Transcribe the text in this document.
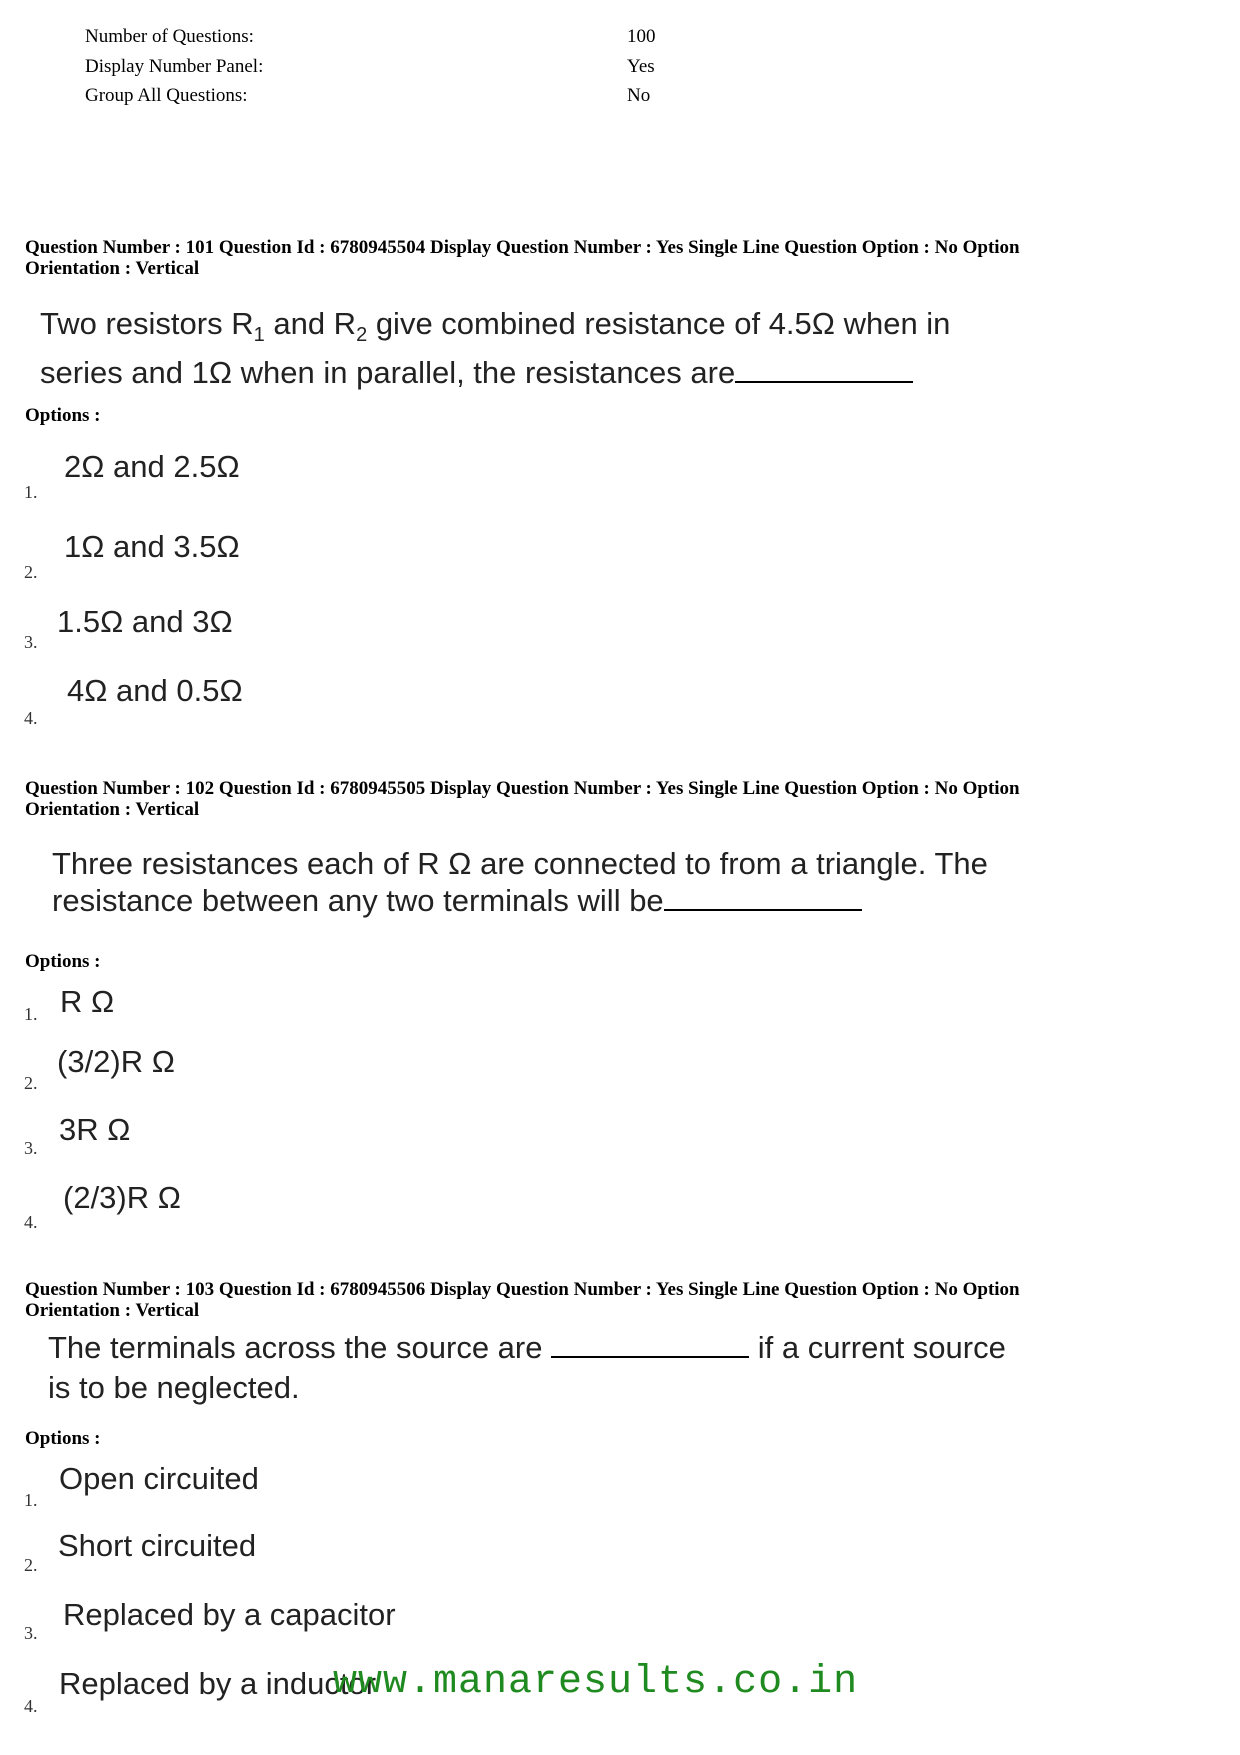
Number of Questions:	100
Display Number Panel:	Yes
Group All Questions:	No
Question Number : 101 Question Id : 6780945504 Display Question Number : Yes Single Line Question Option : No Option
Orientation : Vertical
Two resistors $R_1$ and $R_2$ give combined resistance of 4.5Ω when in
series and 1Ω when in parallel, the resistances are
Options :
1.
2Ω and 2.5Ω
2.
1Ω and 3.5Ω
3.
1.5Ω and 3Ω
4.
4Ω and 0.5Ω
Question Number : 102 Question Id : 6780945505 Display Question Number : Yes Single Line Question Option : No Option
Orientation : Vertical
Three resistances each of R Ω are connected to from a triangle. The
resistance between any two terminals will be
Options :
1. R Ω
2.
(3/2)R Ω
3.
3R Ω
4.
(2/3)R Ω
Question Number : 103 Question Id : 6780945506 Display Question Number : Yes Single Line Question Option : No Option
Orientation : Vertical
The terminals across the source are	if a current source
is to be neglected.
Options :
1.
Open circuited
2.
Short circuited
3.
Replaced by a capacitor
4.
Replaced by a inductor
www.manaresults.co.in
